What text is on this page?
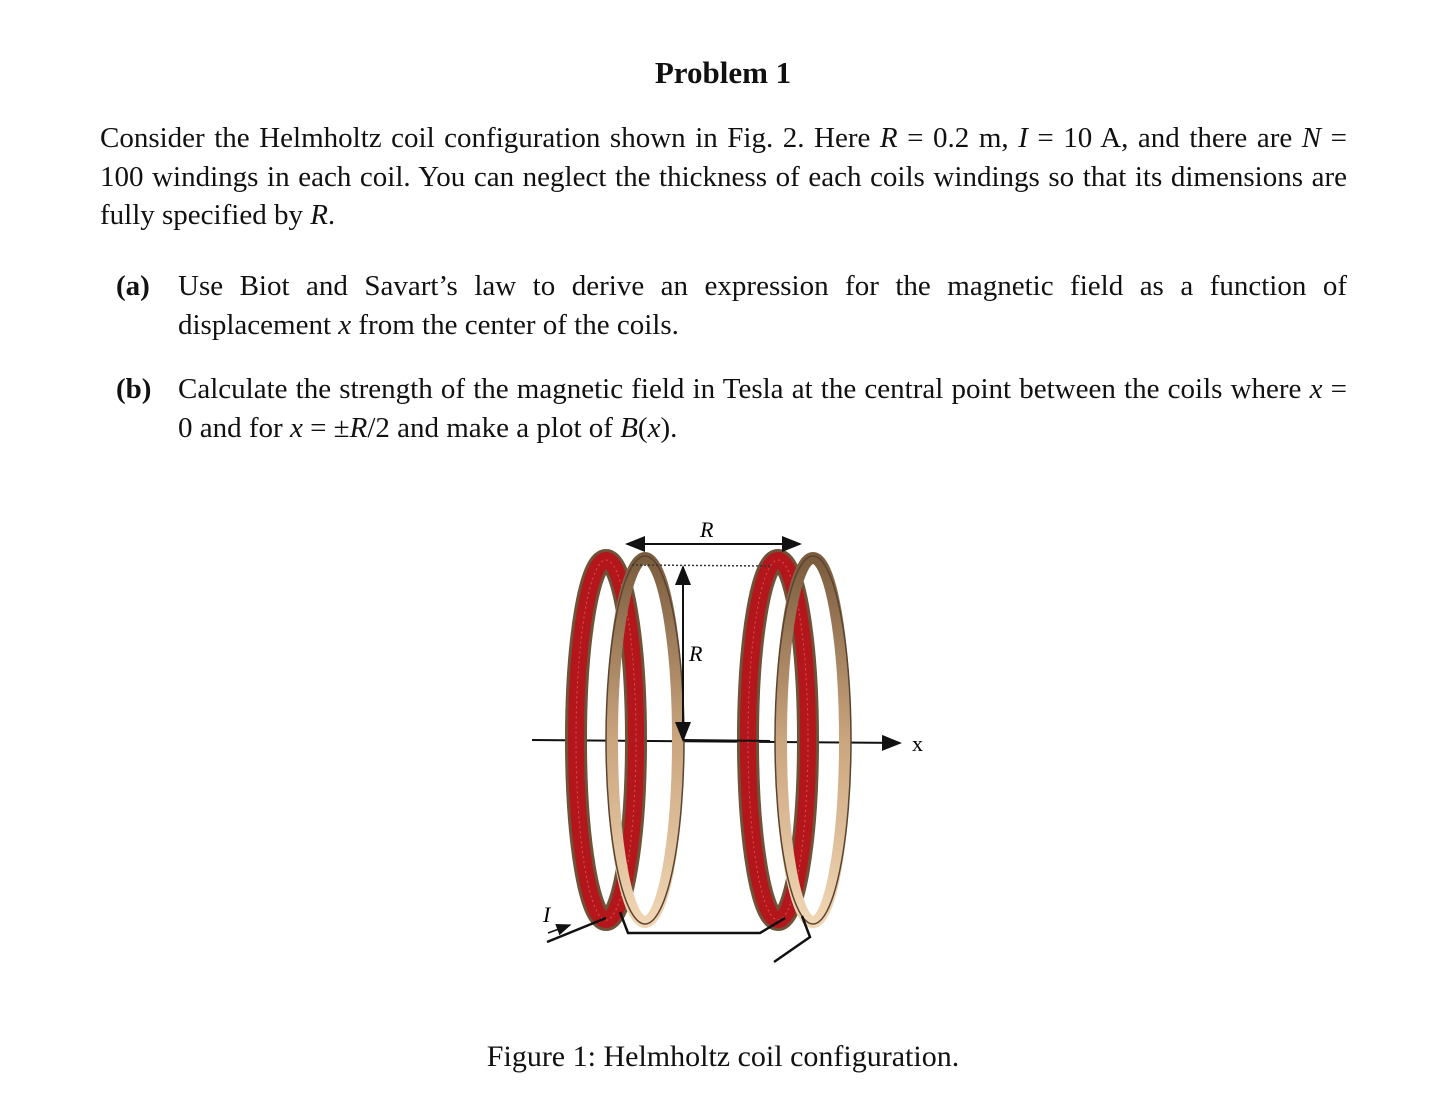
Problem 1
Consider the Helmholtz coil configuration shown in Fig. 2. Here R = 0.2 m, I = 10 A, and there are N = 100 windings in each coil. You can neglect the thickness of each coils windings so that its dimensions are fully specified by R.
(a) Use Biot and Savart’s law to derive an expression for the magnetic field as a function of displacement x from the center of the coils.
(b) Calculate the strength of the magnetic field in Tesla at the central point between the coils where x = 0 and for x = ±R/2 and make a plot of B(x).
R
R
x
I
Figure 1: Helmholtz coil configuration.
